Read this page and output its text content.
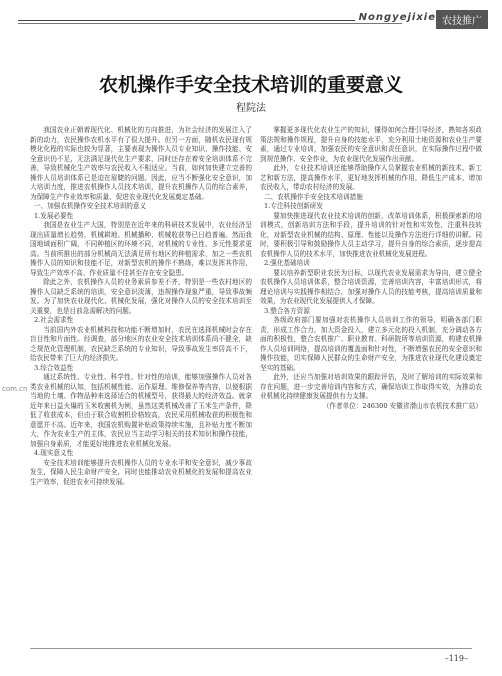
Nongyejixie 农技推广
农机操作手安全技术培训的重要意义
程院法

我国农业正朝着现代化、机械化的方向推进，为社会经济的发展注入了新的动力，农民操作农机水平有了很大提升。但另一方面，随机农民现有规模化化程的实际也较为显著，主要表现为操作人员专业知识、操作技能、安全意识仍不足，无法满足现代化生产要求，同时还存在着安全培训体系不完善，导致机械化生产效率与农民收入不相适应。当前，如何加快建立完善的操作人员培训体系已是迫在眉睫的问题。因此，应当不断强化安全意识，加大培训力度，推进农机操作人员技术培训，提升农机操作人员的综合素养，为保障生产作业效率和质量、促进农业现代化发展奠定基础。

一、加强农机操作安全技术培训的意义

1.发展必要性

我国是农业生产大国，特别是在近年来的科研技术发展中，农业经济呈现出质量增长趋势，机械耕地、机械播种、机械收获等已日趋普遍。然而我国地域面积广阔，不同种植区的环境不同，对机械的专业性、多元性要求更高。当前所推出的部分机械尚无法满足所有地区的种植需求，加之一些农机操作人员的知识和技能不足，对新型农机的操作不熟练，难以发挥其作用，导致生产效率不高、作业质量不佳甚至存在安全隐患。

除此之外，农机操作人员的业务素质参差不齐，特别是一些农村地区的操作人员缺乏系统的培训，安全意识淡薄，违规操作现象严重，导致事故频发。为了加快农业现代化、机械化发展，强化对操作人员的安全技术培训至关重要，也是目前急需解决的问题。

2.社会需求性

当前国内外农业机械科技和功能不断增加时，农民在选择机械时会存在盲目性和片面性。经调查，部分地区的农业安全技术培训体系尚不健全，缺乏规范化管理机制，农民缺乏系统的专业知识，导致事故发生率居高不下，给农民带来了巨大的经济损失。

3.综合效益性

通过系统性、专业性、科学性、针对性的培训，能够加强操作人员对各类农业机械的认知，包括机械性能、运作原理、维修保养等内容，以便根据当地的土壤、作物品种来选择适合的机械型号，获得最大的经济效益。就拿近年来日益火爆的玉米收割机为例，虽然这类机械改善了玉米生产条件，降低了收获成本，但由于联合收割机价格较高，农民采用机械收获的积极性和意愿并不高。近年来，我国农机购置补贴政策持续实施，且补贴力度不断加大，作为农业生产的主体，农民应当主动学习相关的技术知识和操作技能，加强自身素质，才能更好地推进农业机械化发展。

4.现实意义性

安全技术培训能够提升农机操作人员的专业水平和安全意识，减少事故发生，保障人民生命财产安全，同时也能推动农业机械化的发展和提高农业生产效率，促进农业可持续发展。

掌握更多现代化农业生产的知识，懂得如何合理引导经济，熟知各项政策法规和操作规程，提升自身的技能水平，充分利用土地资源和农业生产要素，通过专业培训，加强农民的安全意识和责任意识，在实际操作过程中做到规范操作、安全作业，为农业现代化发展作出贡献。

此外，专业技术培训还能够帮助操作人员掌握农业机械的新技术、新工艺和新方法，提高操作水平，更好地发挥机械的作用，降低生产成本，增加农民收入，带动农村经济的发展。

二、农机操作手安全技术培训措施

1.专注科技创新研发

要加快推进现代农业技术培训的创新，改革培训体系，积极探索新的培训模式，创新培训方法和手段，提升培训的针对性和实效性，注重科技转化，对新型农业机械的结构、原理、性能以及操作方法进行详细的讲解。同时，要积极引导和鼓励操作人员主动学习，提升自身的综合素质，逐步提高农机操作人员的技术水平，加快推进农业机械化发展进程。

2.强化基础培训

要以培养新型职业农民为目标，以现代农业发展需求为导向，建立健全农机操作人员培训体系，整合培训资源，完善培训内容，丰富培训形式，将理论培训与实践操作相结合，加强对操作人员的技能考核，提高培训质量和效果，为农业现代化发展提供人才保障。

3.整合各方资源

各级政府部门要加强对农机操作人员培训工作的领导，明确各部门职责，形成工作合力，加大资金投入，建立多元化的投入机制，充分调动各方面的积极性，整合农机推广、职业教育、科研院所等培训资源，构建农机操作人员培训网络，提高培训的覆盖面和针对性，不断增强农民的安全意识和操作技能，切实保障人民群众的生命财产安全，为推进农业现代化建设奠定坚实的基础。

此外，还应当加强对培训效果的跟踪评估，及时了解培训的实际效果和存在问题，进一步完善培训内容和方式，确保培训工作取得实效，为推动农业机械化持续健康发展提供有力支撑。

（作者单位：246300 安徽省潜山市农机技术推广站）

com.cn
–119–
